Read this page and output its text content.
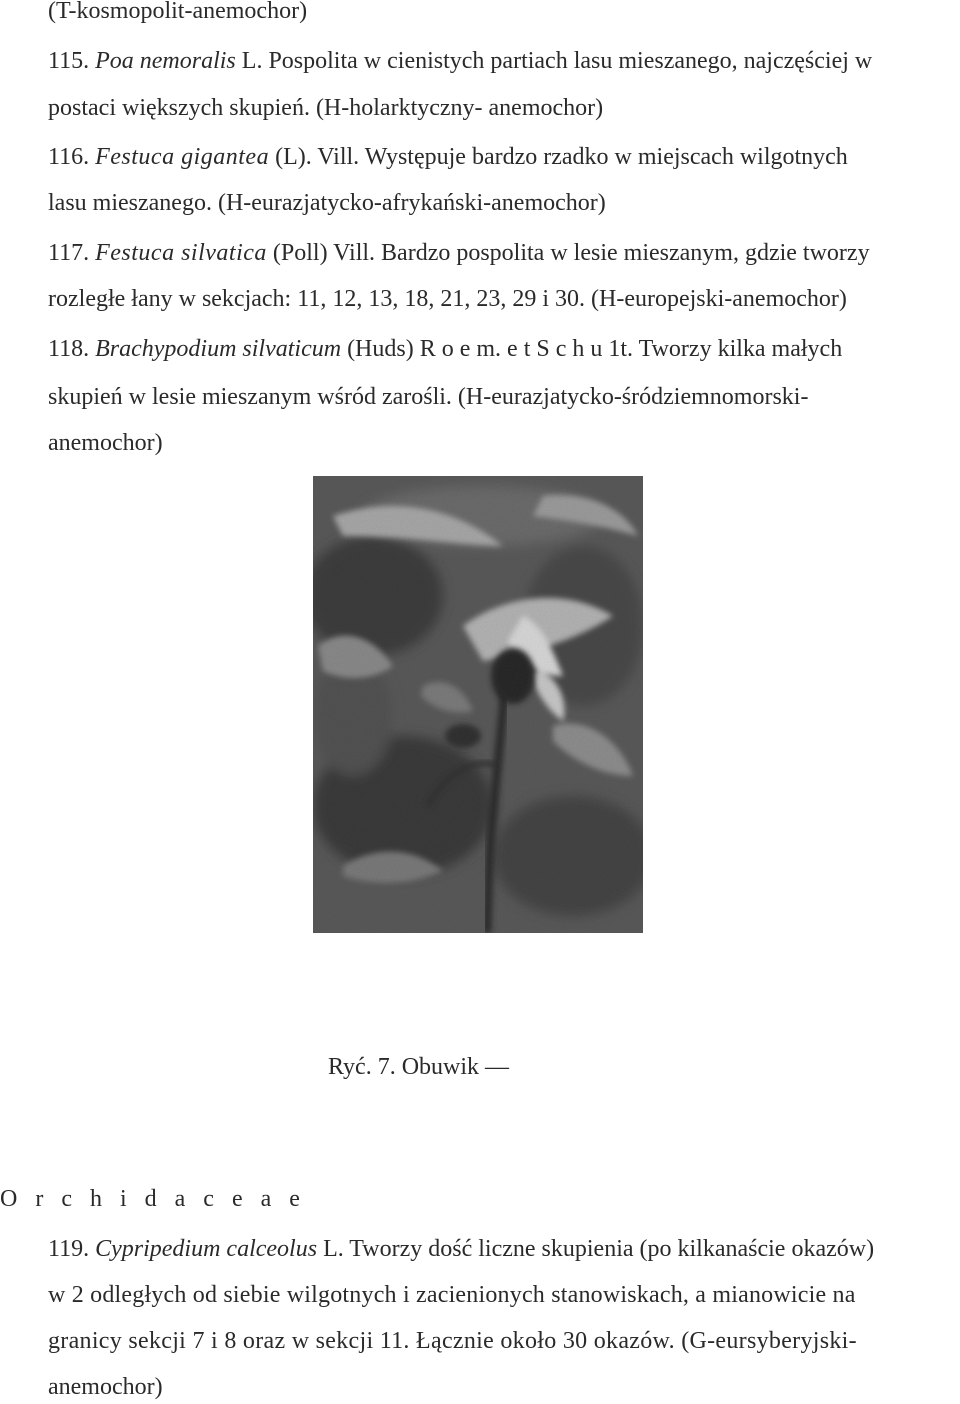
(T-kosmopolit-anemochor)
115. Poa nemoralis L. Pospolita w cienistych partiach lasu mieszanego, najczęściej w
postaci większych skupień. (H-holarktyczny- anemochor)
116. Festuca gigantea (L). Vill. Występuje bardzo rzadko w miejscach wilgotnych
lasu mieszanego. (H-eurazjatycko-afrykański-anemochor)
117. Festuca silvatica (Poll) Vill. Bardzo pospolita w lesie mieszanym, gdzie tworzy
rozległe łany w sekcjach: 11, 12, 13, 18, 21, 23, 29 i 30. (H-europejski-anemochor)
118. Brachypodium silvaticum (Huds) R o e m. e t S c h u 1t. Tworzy kilka małych
skupień w lesie mieszanym wśród zarośli. (H-eurazjatycko-śródziemnomorski-
anemochor)
Ryć. 7. Obuwik —
O r c h i d a c e a e
119. Cypripedium calceolus L. Tworzy dość liczne skupienia (po kilkanaście okazów)
w 2 odległych od siebie wilgotnych i zacienionych stanowiskach, a mianowicie na
granicy sekcji 7 i 8 oraz w sekcji 11. Łącznie około 30 okazów. (G-eursyberyjski-
anemochor)
